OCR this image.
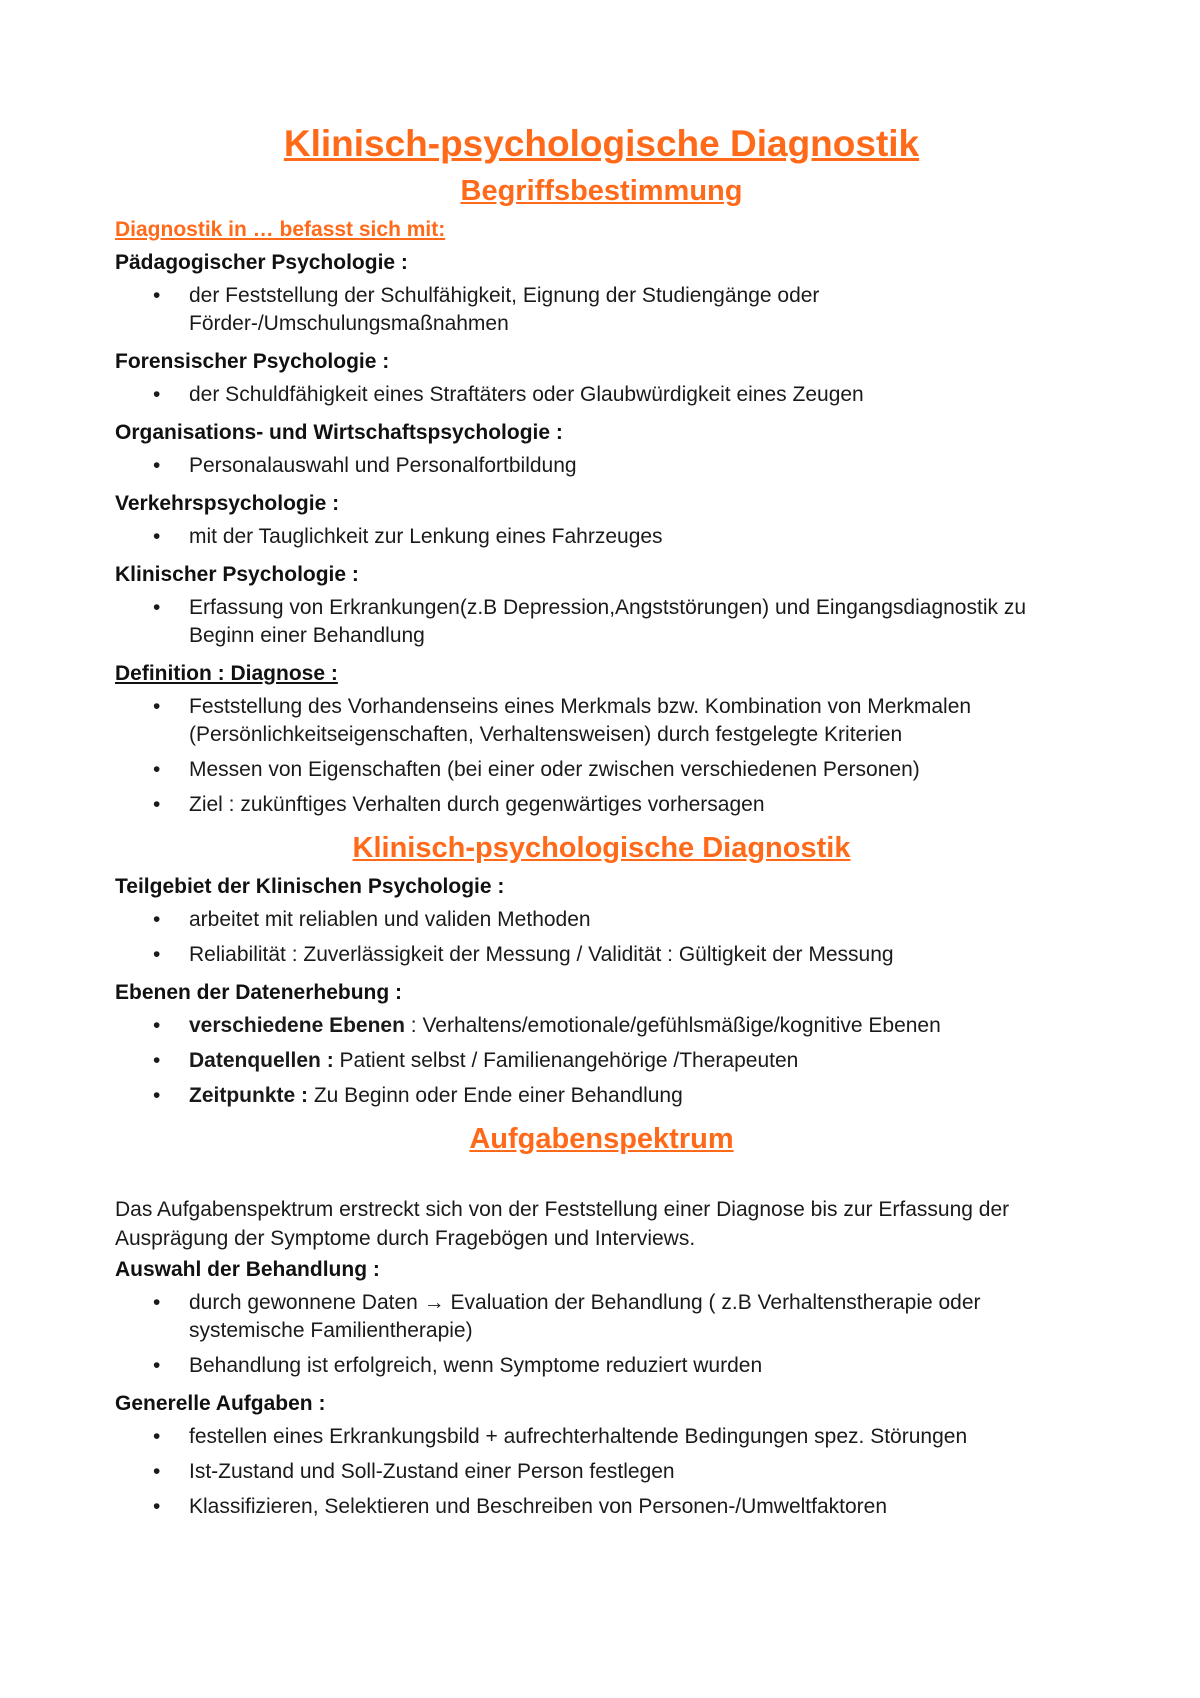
Klinisch-psychologische Diagnostik
Begriffsbestimmung

Diagnostik in … befasst sich mit:

Pädagogischer Psychologie :

• der Feststellung der Schulfähigkeit, Eignung der Studiengänge oder Förder-/Umschulungsmaßnahmen

Forensischer Psychologie :

• der Schuldfähigkeit eines Straftäters oder Glaubwürdigkeit eines Zeugen

Organisations- und Wirtschaftspsychologie :

• Personalauswahl und Personalfortbildung

Verkehrspsychologie :

• mit der Tauglichkeit zur Lenkung eines Fahrzeuges

Klinischer Psychologie :

• Erfassung von Erkrankungen(z.B Depression,Angststörungen) und Eingangsdiagnostik zu Beginn einer Behandlung

Definition : Diagnose :

• Feststellung des Vorhandenseins eines Merkmals bzw. Kombination von Merkmalen (Persönlichkeitseigenschaften, Verhaltensweisen) durch festgelegte Kriterien
• Messen von Eigenschaften (bei einer oder zwischen verschiedenen Personen)
• Ziel : zukünftiges Verhalten durch gegenwärtiges vorhersagen
Klinisch-psychologische Diagnostik

Teilgebiet der Klinischen Psychologie :

• arbeitet mit reliablen und validen Methoden
• Reliabilität : Zuverlässigkeit der Messung / Validität : Gültigkeit der Messung

Ebenen der Datenerhebung :

• verschiedene Ebenen : Verhaltens/emotionale/gefühlsmäßige/kognitive Ebenen
• Datenquellen : Patient selbst / Familienangehörige /Therapeuten
• Zeitpunkte : Zu Beginn oder Ende einer Behandlung
Aufgabenspektrum

Das Aufgabenspektrum erstreckt sich von der Feststellung einer Diagnose bis zur Erfassung der Ausprägung der Symptome durch Fragebögen und Interviews.

Auswahl der Behandlung :

• durch gewonnene Daten → Evaluation der Behandlung ( z.B Verhaltenstherapie oder systemische Familientherapie)
• Behandlung ist erfolgreich, wenn Symptome reduziert wurden

Generelle Aufgaben :

• festellen eines Erkrankungsbild + aufrechterhaltende Bedingungen spez. Störungen
• Ist-Zustand und Soll-Zustand einer Person festlegen
• Klassifizieren, Selektieren und Beschreiben von Personen-/Umweltfaktoren
